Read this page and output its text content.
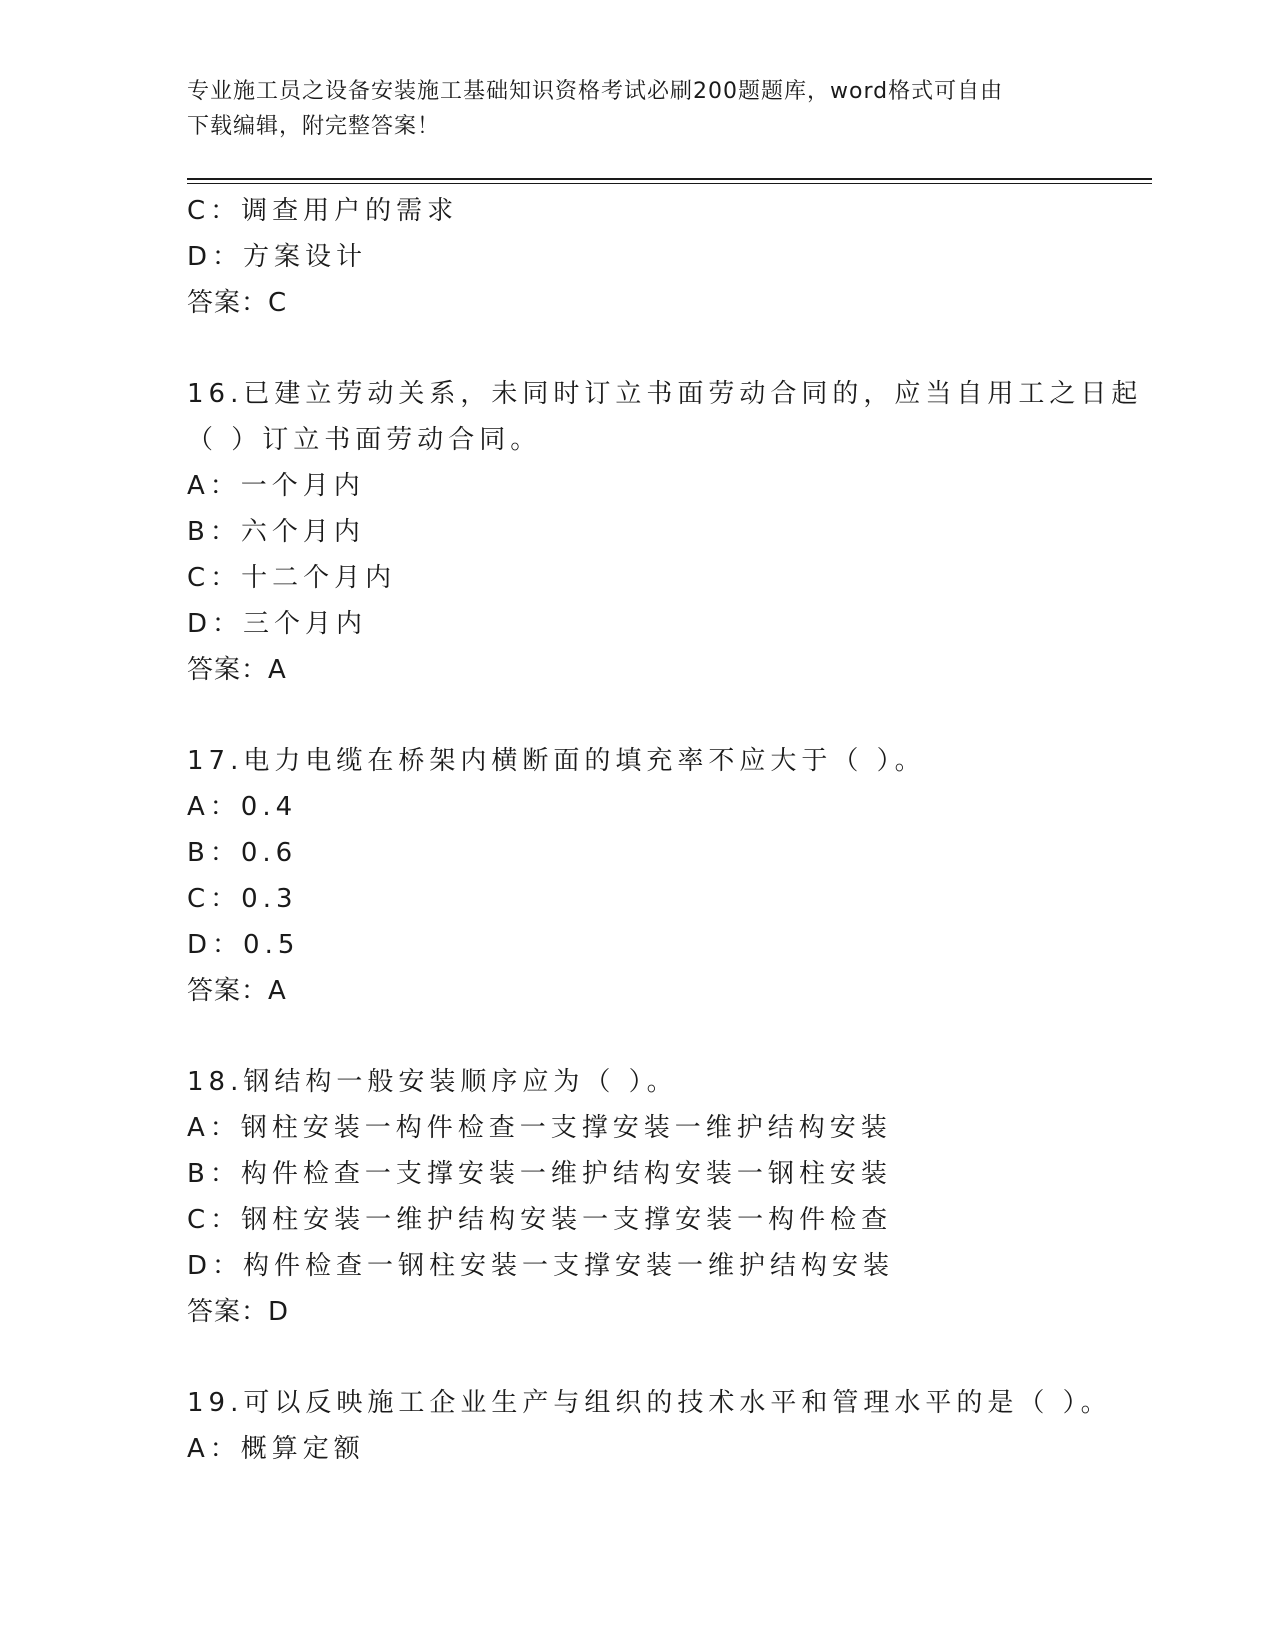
专业施工员之设备安装施工基础知识资格考试必刷200题题库，word格式可自由
下载编辑，附完整答案！
C：调查用户的需求
D：方案设计
答案：C
16.已建立劳动关系，未同时订立书面劳动合同的，应当自用工之日起
（ ）订立书面劳动合同。
A：一个月内
B：六个月内
C：十二个月内
D：三个月内
答案：A
17.电力电缆在桥架内横断面的填充率不应大于（ ）。
A：0.4
B：0.6
C：0.3
D：0.5
答案：A
18.钢结构一般安装顺序应为（ ）。
A：钢柱安装一构件检查一支撑安装一维护结构安装
B：构件检查一支撑安装一维护结构安装一钢柱安装
C：钢柱安装一维护结构安装一支撑安装一构件检查
D：构件检查一钢柱安装一支撑安装一维护结构安装
答案：D
19.可以反映施工企业生产与组织的技术水平和管理水平的是（ ）。
A：概算定额
